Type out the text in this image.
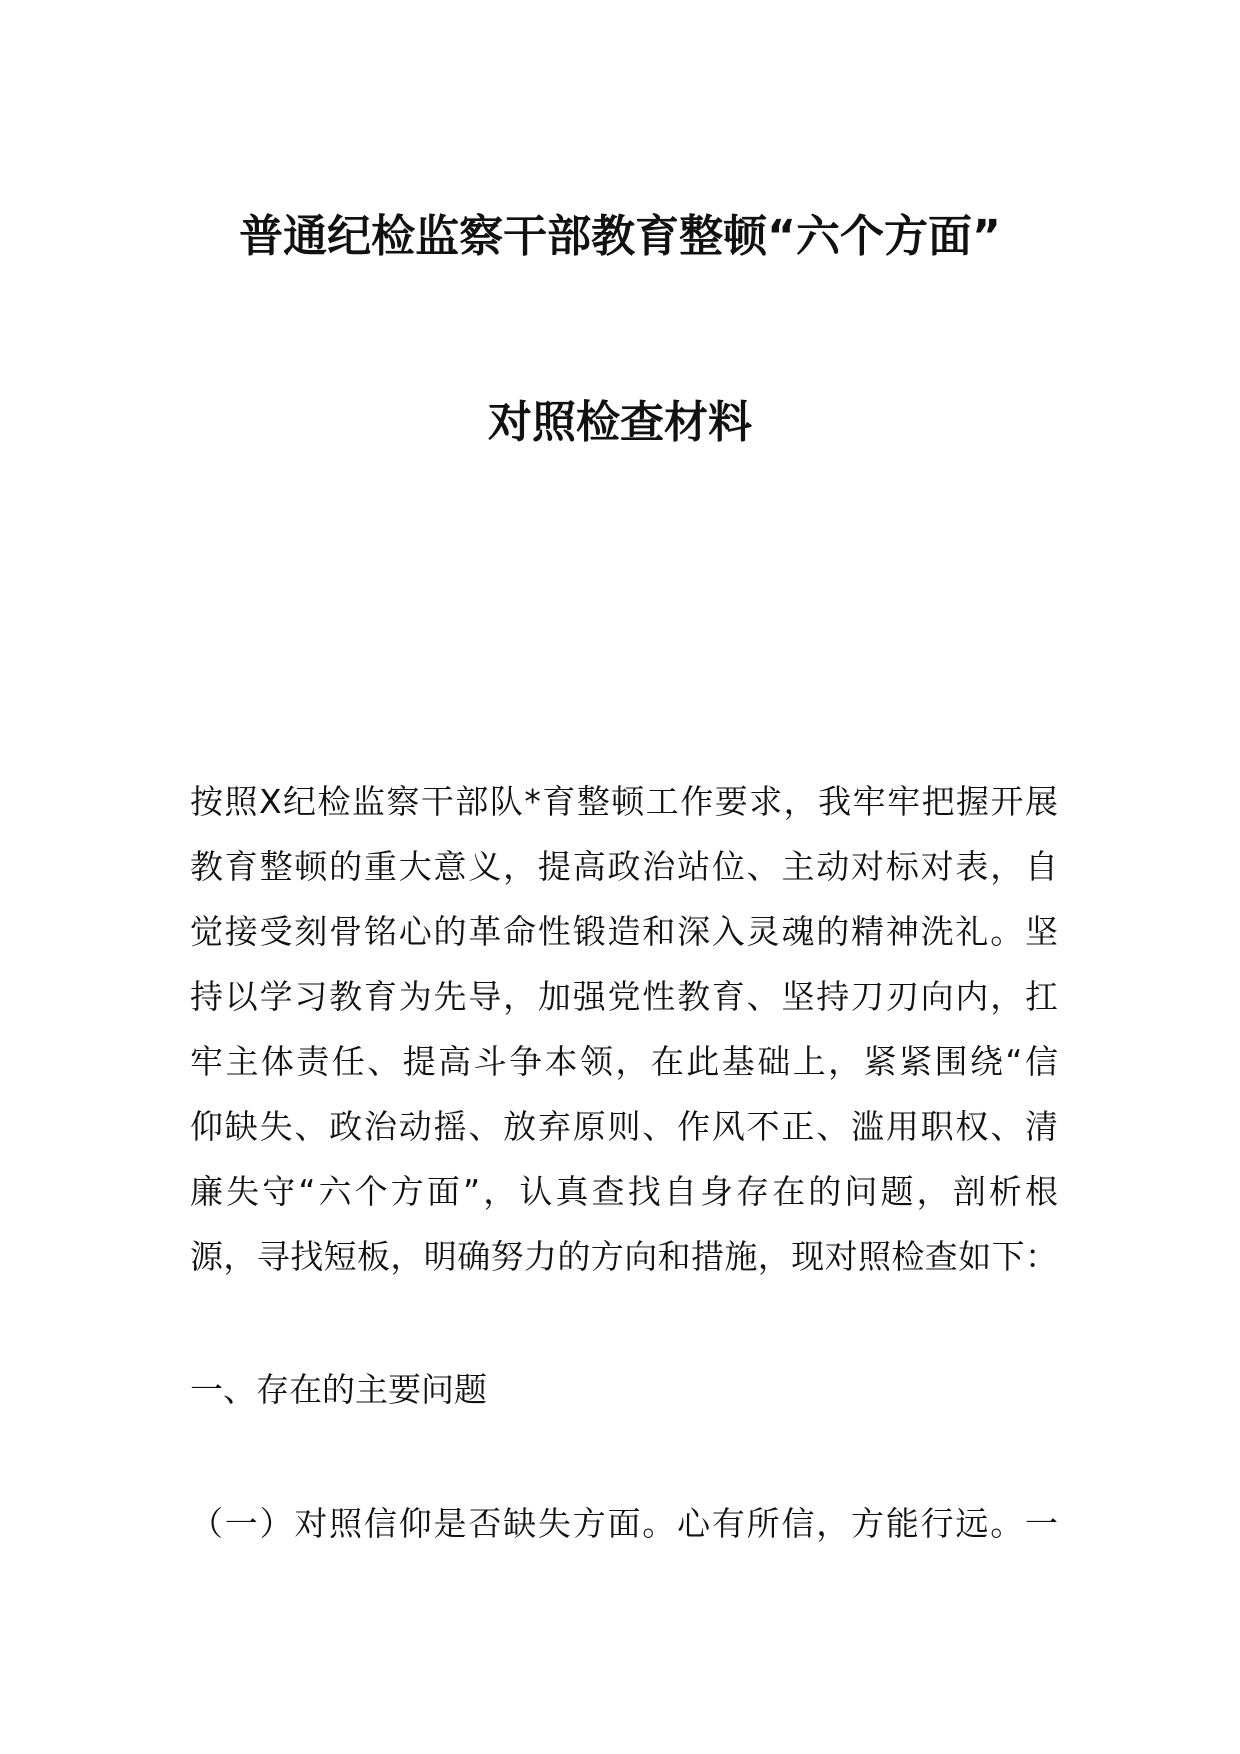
普通纪检监察干部教育整顿“六个方面”
对照检查材料
按照X纪检监察干部队*育整顿工作要求，我牢牢把握开展
教育整顿的重大意义，提高政治站位、主动对标对表，自
觉接受刻骨铭心的革命性锻造和深入灵魂的精神洗礼。坚
持以学习教育为先导，加强党性教育、坚持刀刃向内，扛
牢主体责任、提高斗争本领，在此基础上，紧紧围绕“信
仰缺失、政治动摇、放弃原则、作风不正、滥用职权、清
廉失守“六个方面”，认真查找自身存在的问题，剖析根
源，寻找短板，明确努力的方向和措施，现对照检查如下：
一、存在的主要问题
（一）对照信仰是否缺失方面。心有所信，方能行远。一
